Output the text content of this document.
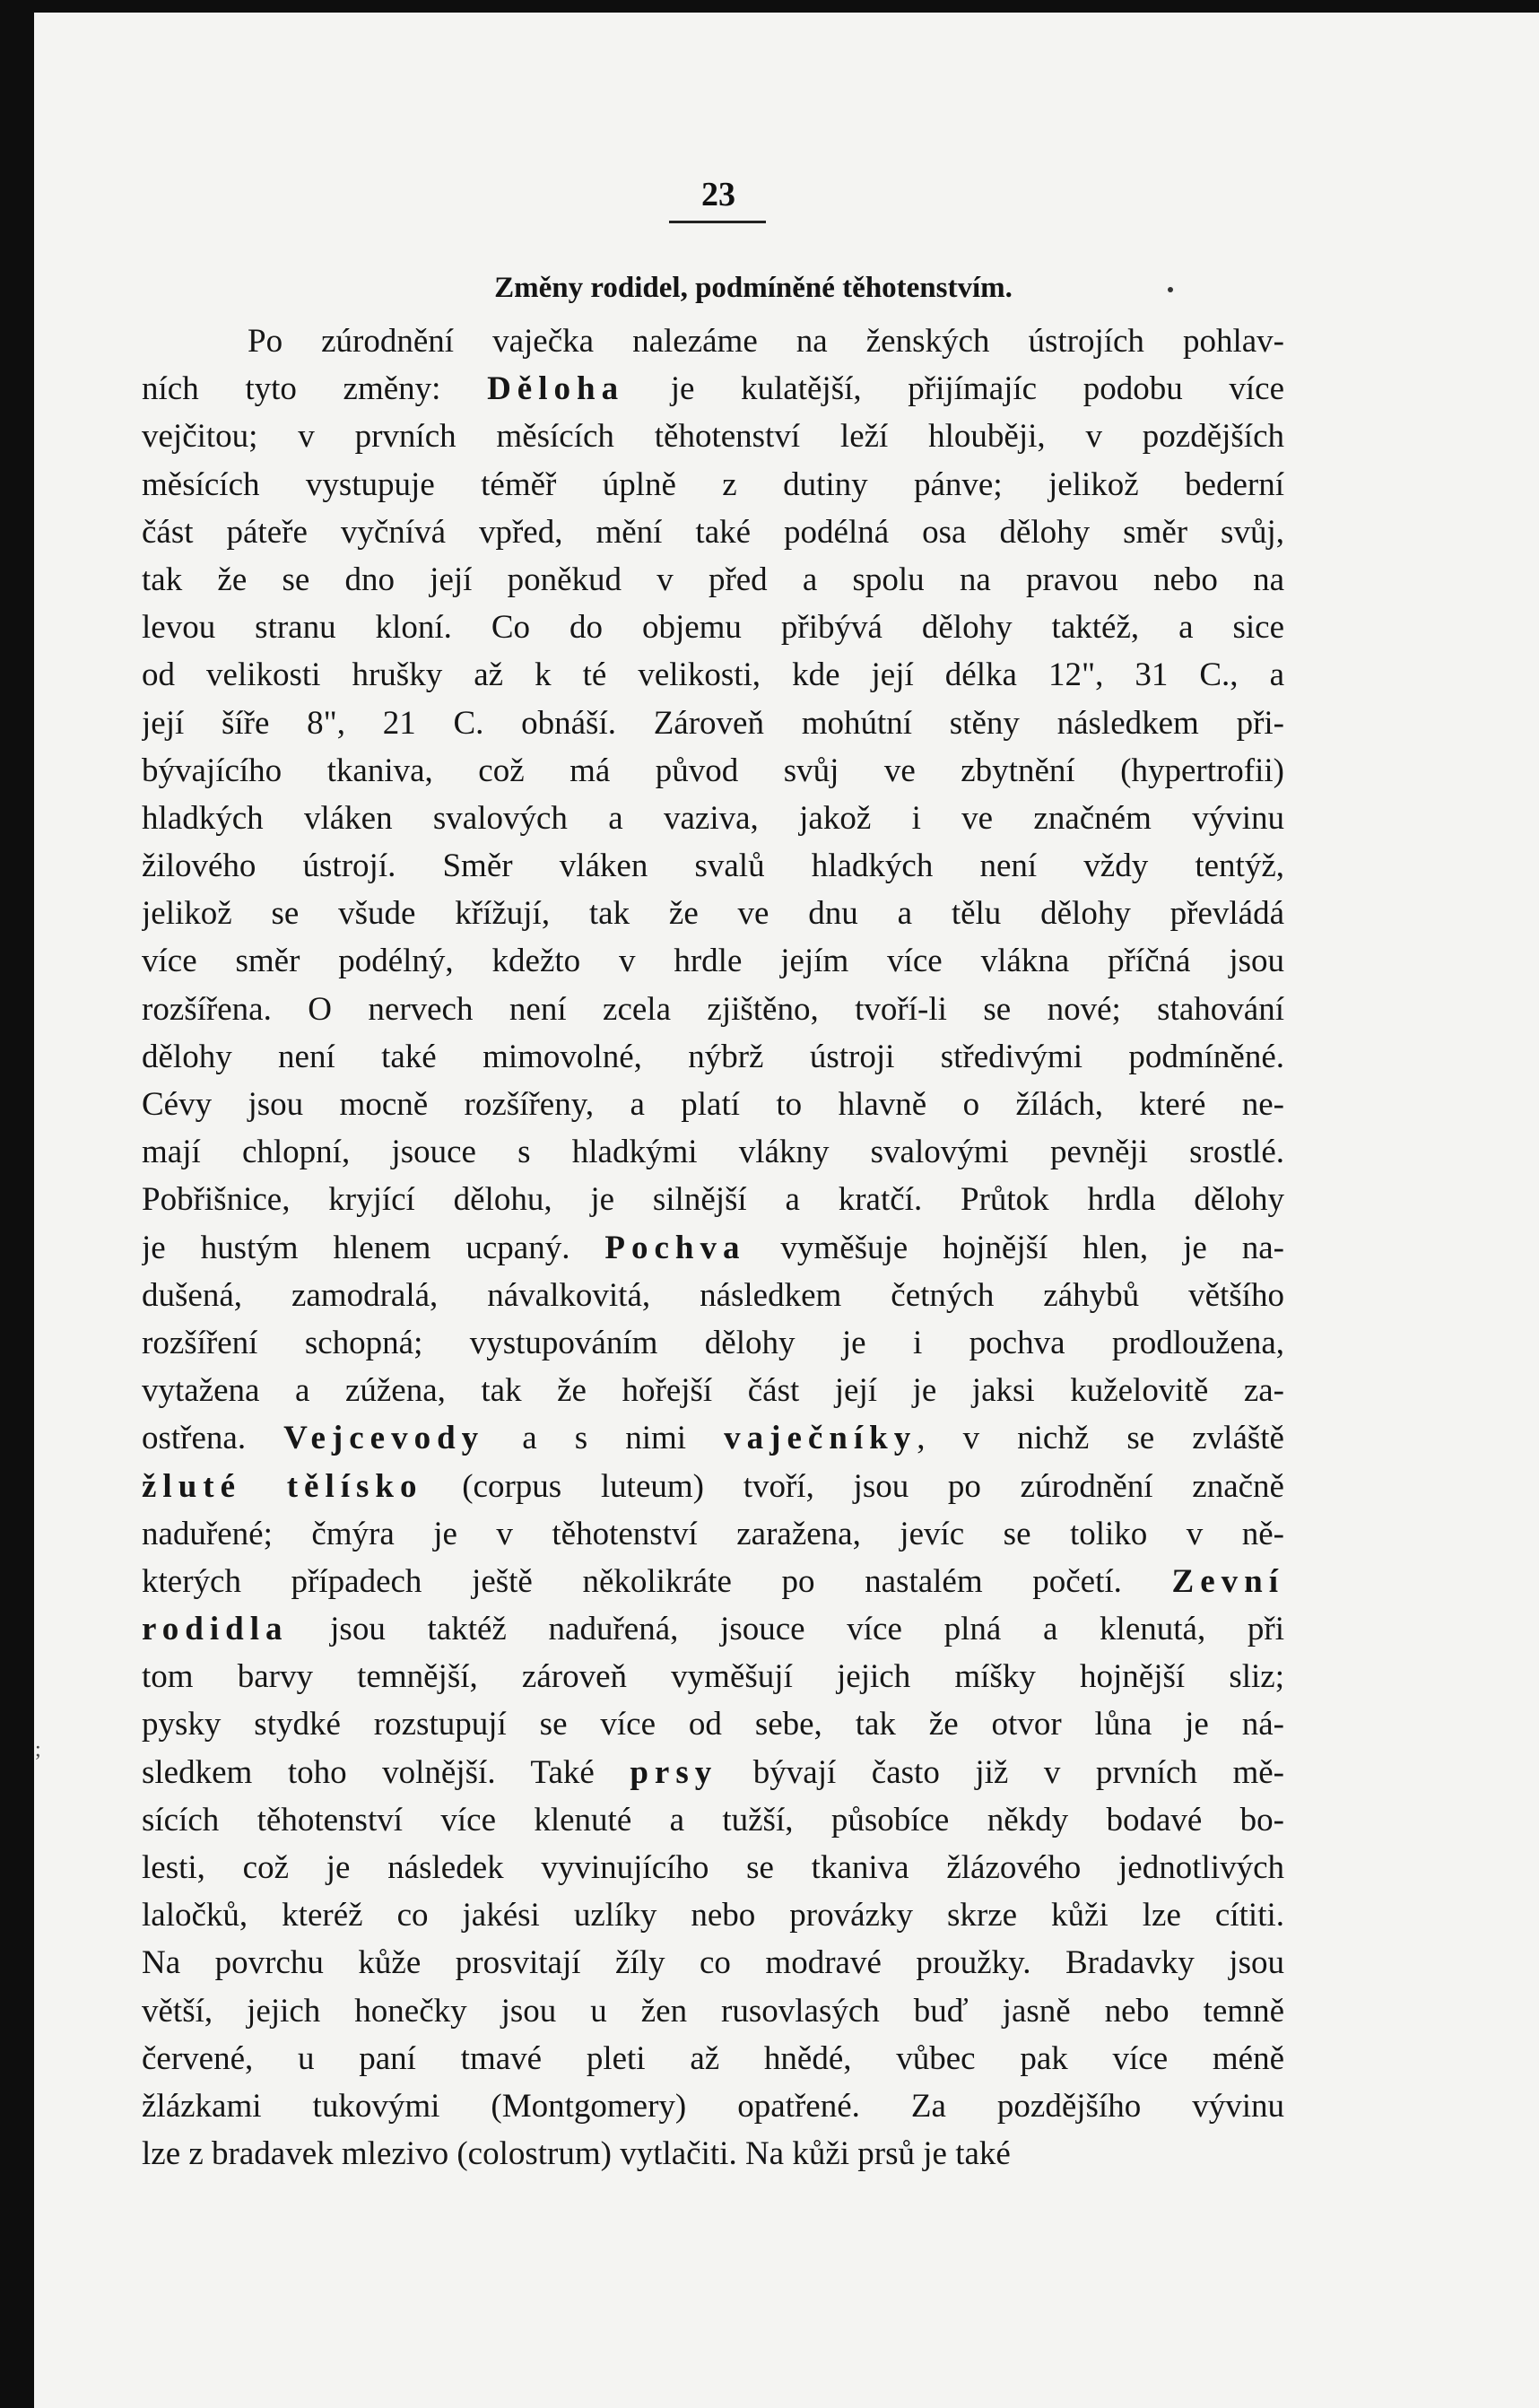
23
Změny rodidel, podmíněné těhotenstvím.
Po zúrodnění vaječka nalezáme na ženských ústrojích pohlav-
ních tyto změny: Děloha je kulatější, přijímajíc podobu více
vejčitou; v prvních měsících těhotenství leží hlouběji, v pozdějších
měsících vystupuje téměř úplně z dutiny pánve; jelikož bederní
část páteře vyčnívá vpřed, mění také podélná osa dělohy směr svůj,
tak že se dno její poněkud v před a spolu na pravou nebo na
levou stranu kloní. Co do objemu přibývá dělohy taktéž, a sice
od velikosti hrušky až k té velikosti, kde její délka 12", 31 C., a
její šíře 8", 21 C. obnáší. Zároveň mohútní stěny následkem při-
bývajícího tkaniva, což má původ svůj ve zbytnění (hypertrofii)
hladkých vláken svalových a vaziva, jakož i ve značném vývinu
žilového ústrojí. Směr vláken svalů hladkých není vždy tentýž,
jelikož se všude křížují, tak že ve dnu a tělu dělohy převládá
více směr podélný, kdežto v hrdle jejím více vlákna příčná jsou
rozšířena. O nervech není zcela zjištěno, tvoří-li se nové; stahování
dělohy není také mimovolné, nýbrž ústroji středivými podmíněné.
Cévy jsou mocně rozšířeny, a platí to hlavně o žílách, které ne-
mají chlopní, jsouce s hladkými vlákny svalovými pevněji srostlé.
Pobřišnice, kryjící dělohu, je silnější a kratčí. Průtok hrdla dělohy
je hustým hlenem ucpaný. Pochva vyměšuje hojnější hlen, je na-
dušená, zamodralá, návalkovitá, následkem četných záhybů většího
rozšíření schopná; vystupováním dělohy je i pochva prodloužena,
vytažena a zúžena, tak že hořejší část její je jaksi kuželovitě za-
ostřena. Vejcevody a s nimi vaječníky, v nichž se zvláště
žluté tělísko (corpus luteum) tvoří, jsou po zúrodnění značně
naduřené; čmýra je v těhotenství zaražena, jevíc se toliko v ně-
kterých případech ještě několikráte po nastalém početí. Zevní
rodidla jsou taktéž naduřená, jsouce více plná a klenutá, při
tom barvy temnější, zároveň vyměšují jejich míšky hojnější sliz;
pysky stydké rozstupují se více od sebe, tak že otvor lůna je ná-
sledkem toho volnější. Také prsy bývají často již v prvních mě-
sících těhotenství více klenuté a tužší, působíce někdy bodavé bo-
lesti, což je následek vyvinujícího se tkaniva žlázového jednotlivých
laločků, kteréž co jakési uzlíky nebo provázky skrze kůži lze cítiti.
Na povrchu kůže prosvitají žíly co modravé proužky. Bradavky jsou
větší, jejich honečky jsou u žen rusovlasých buď jasně nebo temně
červené, u paní tmavé pleti až hnědé, vůbec pak více méně
žlázkami tukovými (Montgomery) opatřené. Za pozdějšího vývinu
lze z bradavek mlezivo (colostrum) vytlačiti. Na kůži prsů je také
;
